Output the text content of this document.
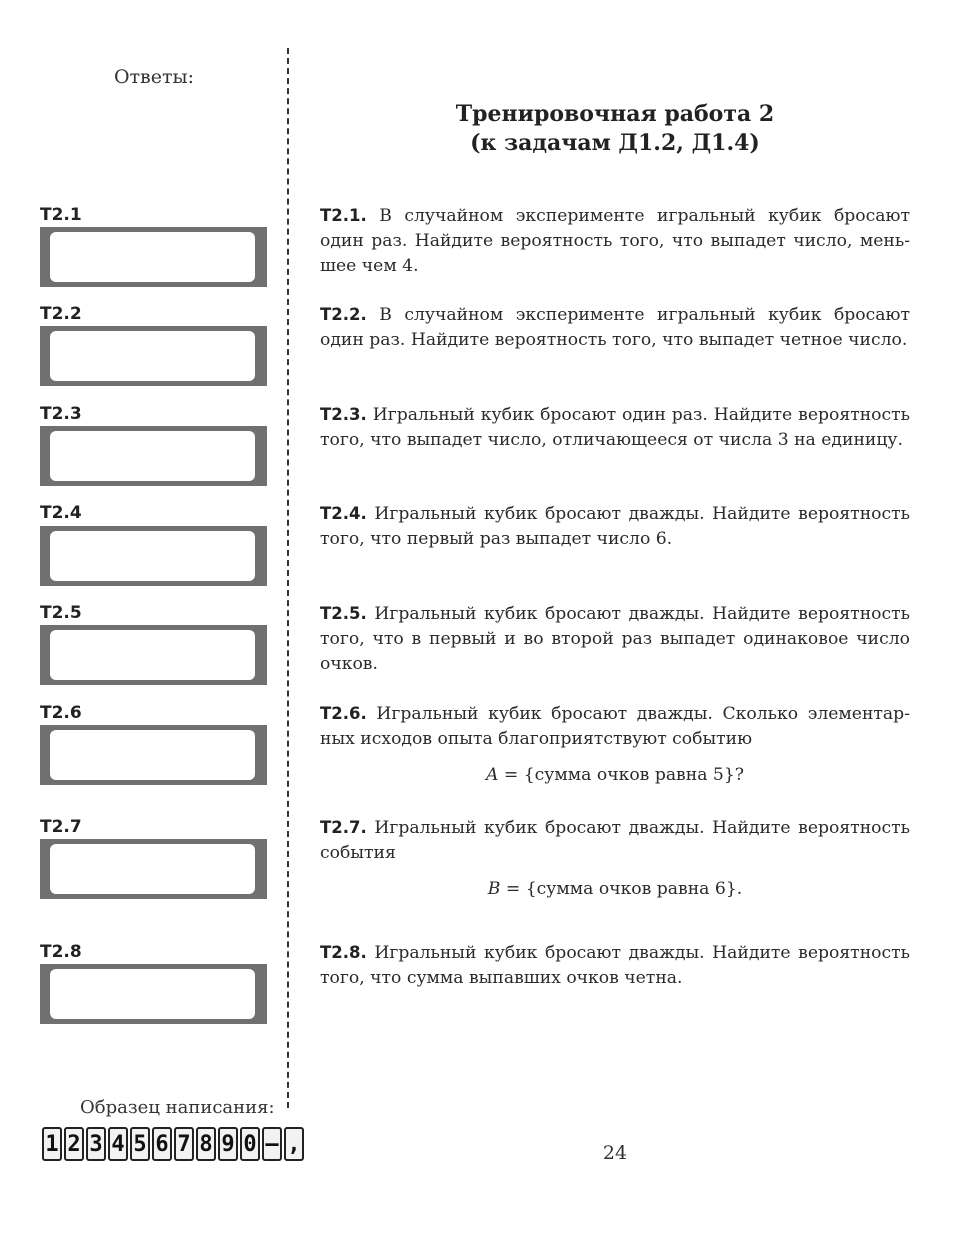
Ответы:
Тренировочная работа 2
(к задачам Д1.2, Д1.4)
Т2.1
Т2.2
Т2.3
Т2.4
Т2.5
Т2.6
Т2.7
Т2.8
Т2.1. В случайном эксперименте игральный кубик бросают один раз. Найдите вероятность того, что выпадет число, меньшее чем 4.
Т2.2. В случайном эксперименте игральный кубик бросают один раз. Найдите вероятность того, что выпадет четное число.
Т2.3. Игральный кубик бросают один раз. Найдите вероятность того, что выпадет число, отличающееся от числа 3 на единицу.
Т2.4. Игральный кубик бросают дважды. Найдите вероятность того, что первый раз выпадет число 6.
Т2.5. Игральный кубик бросают дважды. Найдите вероятность того, что в первый и во второй раз выпадет одинаковое число очков.
Т2.6. Игральный кубик бросают дважды. Сколько элементарных исходов опыта благоприятствуют событию
A = {сумма очков равна 5}?
Т2.7. Игральный кубик бросают дважды. Найдите вероятность события
B = {сумма очков равна 6}.
Т2.8. Игральный кубик бросают дважды. Найдите вероятность того, что сумма выпавших очков четна.
Образец написания:
1 2 3 4 5 6 7 8 9 0 – ,	24
